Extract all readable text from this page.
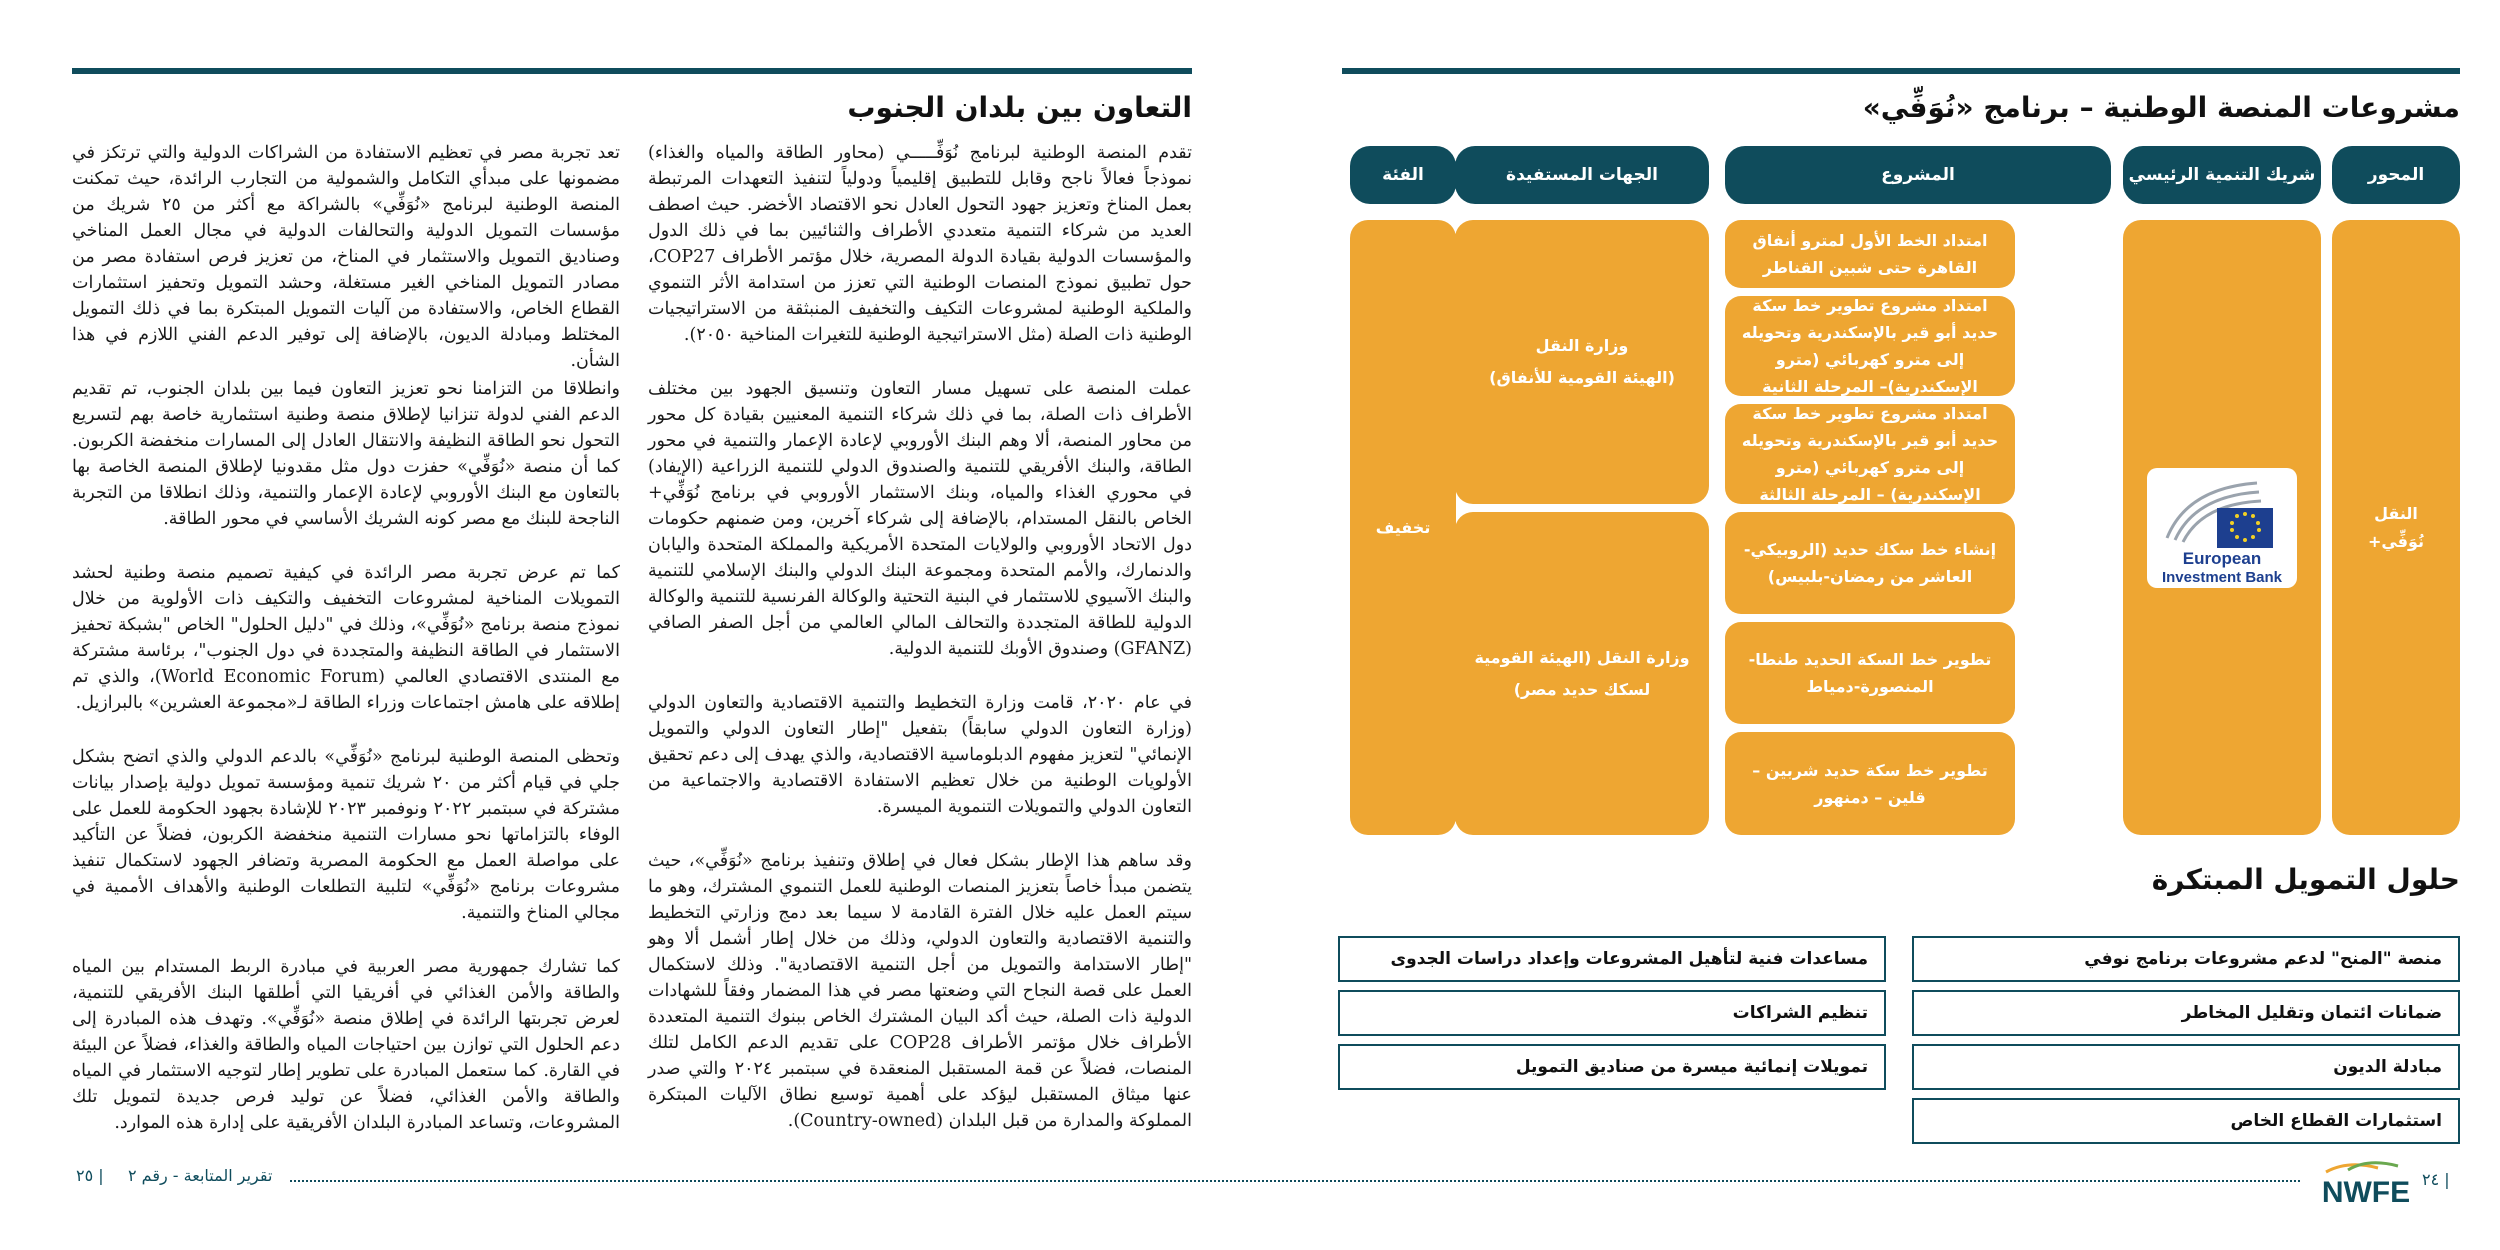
مشروعات المنصة الوطنية – برنامج «نُوَفِّي»
المحور
شريك التنمية الرئيسي
المشروع
الجهات المستفيدة
الفئة
النقل
نُوَفِّي+
European
Investment Bank
امتداد الخط الأول لمترو أنفاق القاهرة حتى شبين القناطر
امتداد مشروع تطوير خط سكة حديد أبو قير بالإسكندرية وتحويله إلى مترو كهربائي (مترو الإسكندرية)– المرحلة الثانية
امتداد مشروع تطوير خط سكة حديد أبو قير بالإسكندرية وتحويله إلى مترو كهربائي (مترو الإسكندرية) – المرحلة الثالثة
إنشاء خط سكك حديد (الروبيكي-العاشر من رمضان-بلبيس)
تطوير خط السكة الحديد طنطا-المنصورة-دمياط
تطوير خط سكة حديد شربين – قلين – دمنهور
وزارة النقل
(الهيئة القومية للأنفاق)
وزارة النقل (الهيئة القومية
لسكك حديد مصر)
تخفيف
حلول التمويل المبتكرة
منصة "المنح" لدعم مشروعات برنامج نوفي
ضمانات ائتمان وتقليل المخاطر
مبادلة الديون
استثمارات القطاع الخاص
مساعدات فنية لتأهيل المشروعات وإعداد دراسات الجدوى
تنظيم الشراكات
تمويلات إنمائية ميسرة من صناديق التمويل
| ٢٤
NWFE
التعاون بين بلدان الجنوب

تقدم المنصة الوطنية لبرنامج نُوَفِّـــــي (محاور الطاقة والمياه والغذاء) نموذجاً فعالاً ناجح وقابل للتطبيق إقليمياً ودولياً لتنفيذ التعهدات المرتبطة بعمل المناخ وتعزيز جهود التحول العادل نحو الاقتصاد الأخضر. حيث اصطف العديد من شركاء التنمية متعددي الأطراف والثنائيين بما في ذلك الدول والمؤسسات الدولية بقيادة الدولة المصرية، خلال مؤتمر الأطراف COP27، حول تطبيق نموذج المنصات الوطنية التي تعزز من استدامة الأثر التنموي والملكية الوطنية لمشروعات التكيف والتخفيف المنبثقة من الاستراتيجيات الوطنية ذات الصلة (مثل الاستراتيجية الوطنية للتغيرات المناخية ٢٠٥٠).

عملت المنصة على تسهيل مسار التعاون وتنسيق الجهود بين مختلف الأطراف ذات الصلة، بما في ذلك شركاء التنمية المعنيين بقيادة كل محور من محاور المنصة، ألا وهم البنك الأوروبي لإعادة الإعمار والتنمية في محور الطاقة، والبنك الأفريقي للتنمية والصندوق الدولي للتنمية الزراعية (الإيفاد) في محوري الغذاء والمياه، وبنك الاستثمار الأوروبي في برنامج نُوَفِّي+ الخاص بالنقل المستدام، بالإضافة إلى شركاء آخرين، ومن ضمنهم حكومات دول الاتحاد الأوروبي والولايات المتحدة الأمريكية والمملكة المتحدة واليابان والدنمارك، والأمم المتحدة ومجموعة البنك الدولي والبنك الإسلامي للتنمية والبنك الآسيوي للاستثمار في البنية التحتية والوكالة الفرنسية للتنمية والوكالة الدولية للطاقة المتجددة والتحالف المالي العالمي من أجل الصفر الصافي (GFANZ) وصندوق الأوبك للتنمية الدولية.

في عام ٢٠٢٠، قامت وزارة التخطيط والتنمية الاقتصادية والتعاون الدولي (وزارة التعاون الدولي سابقاً) بتفعيل "إطار التعاون الدولي والتمويل الإنمائي" لتعزيز مفهوم الدبلوماسية الاقتصادية، والذي يهدف إلى دعم تحقيق الأولويات الوطنية من خلال تعظيم الاستفادة الاقتصادية والاجتماعية من التعاون الدولي والتمويلات التنموية الميسرة.

وقد ساهم هذا الإطار بشكل فعال في إطلاق وتنفيذ برنامج «نُوَفِّي»، حيث يتضمن مبدأ خاصاً بتعزيز المنصات الوطنية للعمل التنموي المشترك، وهو ما سيتم العمل عليه خلال الفترة القادمة لا سيما بعد دمج وزارتي التخطيط والتنمية الاقتصادية والتعاون الدولي، وذلك من خلال إطار أشمل ألا وهو "إطار الاستدامة والتمويل من أجل التنمية الاقتصادية". وذلك لاستكمال العمل على قصة النجاح التي وضعتها مصر في هذا المضمار وفقاً للشهادات الدولية ذات الصلة، حيث أكد البيان المشترك الخاص ببنوك التنمية المتعددة الأطراف خلال مؤتمر الأطراف COP28 على تقديم الدعم الكامل لتلك المنصات، فضلاً عن قمة المستقبل المنعقدة في سبتمبر ٢٠٢٤ والتي صدر عنها ميثاق المستقبل ليؤكد على أهمية توسيع نطاق الآليات المبتكرة المملوكة والمدارة من قبل البلدان (Country-owned).

تعد تجربة مصر في تعظيم الاستفادة من الشراكات الدولية والتي ترتكز في مضمونها على مبدأي التكامل والشمولية من التجارب الرائدة، حيث تمكنت المنصة الوطنية لبرنامج «نُوَفِّي» بالشراكة مع أكثر من ٢٥ شريك من مؤسسات التمويل الدولية والتحالفات الدولية في مجال العمل المناخي وصناديق التمويل والاستثمار في المناخ، من تعزيز فرص استفادة مصر من مصادر التمويل المناخي الغير مستغلة، وحشد التمويل وتحفيز استثمارات القطاع الخاص، والاستفادة من آليات التمويل المبتكرة بما في ذلك التمويل المختلط ومبادلة الديون، بالإضافة إلى توفير الدعم الفني اللازم في هذا الشأن.

وانطلاقا من التزامنا نحو تعزيز التعاون فيما بين بلدان الجنوب، تم تقديم الدعم الفني لدولة تنزانيا لإطلاق منصة وطنية استثمارية خاصة بهم لتسريع التحول نحو الطاقة النظيفة والانتقال العادل إلى المسارات منخفضة الكربون. كما أن منصة «نُوَفِّي» حفزت دول مثل مقدونيا لإطلاق المنصة الخاصة بها بالتعاون مع البنك الأوروبي لإعادة الإعمار والتنمية، وذلك انطلاقا من التجربة الناجحة للبنك مع مصر كونه الشريك الأساسي في محور الطاقة.

كما تم عرض تجربة مصر الرائدة في كيفية تصميم منصة وطنية لحشد التمويلات المناخية لمشروعات التخفيف والتكيف ذات الأولوية من خلال نموذج منصة برنامج «نُوَفِّي»، وذلك في "دليل الحلول" الخاص "بشبكة تحفيز الاستثمار في الطاقة النظيفة والمتجددة في دول الجنوب"، برئاسة مشتركة مع المنتدى الاقتصادي العالمي (World Economic Forum)، والذي تم إطلاقه على هامش اجتماعات وزراء الطاقة لـ«مجموعة العشرين» بالبرازيل.

وتحظى المنصة الوطنية لبرنامج «نُوَفِّي» بالدعم الدولي والذي اتضح بشكل جلي في قيام أكثر من ٢٠ شريك تنمية ومؤسسة تمويل دولية بإصدار بيانات مشتركة في سبتمبر ٢٠٢٢ ونوفمبر ٢٠٢٣ للإشادة بجهود الحكومة للعمل على الوفاء بالتزاماتها نحو مسارات التنمية منخفضة الكربون، فضلاً عن التأكيد على مواصلة العمل مع الحكومة المصرية وتضافر الجهود لاستكمال تنفيذ مشروعات برنامج «نُوَفِّي» لتلبية التطلعات الوطنية والأهداف الأممية في مجالي المناخ والتنمية.

كما تشارك جمهورية مصر العربية في مبادرة الربط المستدام بين المياه والطاقة والأمن الغذائي في أفريقيا التي أطلقها البنك الأفريقي للتنمية، لعرض تجربتها الرائدة في إطلاق منصة «نُوَفِّي». وتهدف هذه المبادرة إلى دعم الحلول التي توازن بين احتياجات المياه والطاقة والغذاء، فضلاً عن البيئة في القارة. كما ستعمل المبادرة على تطوير إطار لتوجيه الاستثمار في المياه والطاقة والأمن الغذائي، فضلاً عن توليد فرص جديدة لتمويل تلك المشروعات، وتساعد المبادرة البلدان الأفريقية على إدارة هذه الموارد.

| ٢٥ تقرير المتابعة - رقم ٢
